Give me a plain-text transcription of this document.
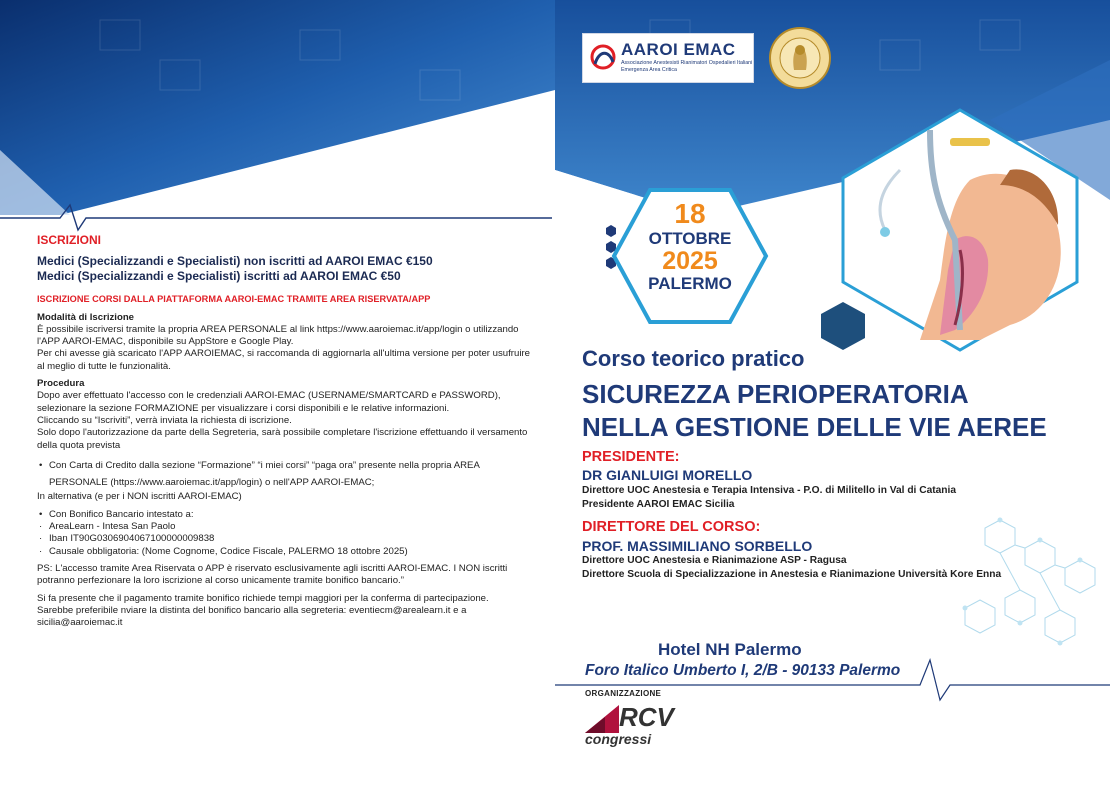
ISCRIZIONI

Medici (Specializzandi e Specialisti) non iscritti ad AAROI EMAC €150

Medici (Specializzandi e Specialisti) iscritti ad AAROI EMAC €50

ISCRIZIONE CORSI DALLA PIATTAFORMA AAROI-EMAC TRAMITE AREA RISERVATA/APP

Modalità di Iscrizione

È possibile iscriversi tramite la propria AREA PERSONALE al link https://www.aaroiemac.it/app/login o utilizzando l'APP AAROI-EMAC, disponibile su AppStore e Google Play.

Per chi avesse già scaricato l'APP AAROIEMAC, si raccomanda di aggiornarla all'ultima versione per poter usufruire al meglio di tutte le funzionalità.

Procedura

Dopo aver effettuato l'accesso con le credenziali AAROI-EMAC (USERNAME/SMARTCARD e PASSWORD), selezionare la sezione FORMAZIONE per visualizzare i corsi disponibili e le relative informazioni.

Cliccando su “Iscriviti”, verrà inviata la richiesta di iscrizione.

Solo dopo l'autorizzazione da parte della Segreteria, sarà possibile completare l'iscrizione effettuando il versamento della quota prevista

• Con Carta di Credito dalla sezione “Formazione” “i miei corsi” “paga ora” presente nella propria AREA PERSONALE (https://www.aaroiemac.it/app/login) o nell'APP AAROI-EMAC;

In alternativa (e per i NON iscritti AAROI-EMAC)

• Con Bonifico Bancario intestato a:

· AreaLearn - Intesa San Paolo

· Iban IT90G0306904067100000009838

· Causale obbligatoria: (Nome Cognome, Codice Fiscale, PALERMO 18 ottobre 2025)

PS: L'accesso tramite Area Riservata o APP è riservato esclusivamente agli iscritti AAROI-EMAC. I NON iscritti potranno perfezionare la loro iscrizione al corso unicamente tramite bonifico bancario.”

Si fa presente che il pagamento tramite bonifico richiede tempi maggiori per la conferma di partecipazione.

Sarebbe preferibile nviare la distinta del bonifico bancario alla segreteria: eventiecm@arealearn.it e a sicilia@aaroiemac.it

AAROI EMAC
Associazione Anestesisti Rianimatori Ospedalieri Italiani
Emergenza Area Critica
18
OTTOBRE
2025
PALERMO
Corso teorico pratico
SICUREZZA PERIOPERATORIA
NELLA GESTIONE DELLE VIE AEREE
PRESIDENTE:
DR GIANLUIGI MORELLO
Direttore UOC Anestesia e Terapia Intensiva - P.O. di Militello in Val di Catania
Presidente AAROI EMAC Sicilia
DIRETTORE DEL CORSO:
PROF. MASSIMILIANO SORBELLO
Direttore UOC Anestesia e Rianimazione ASP - Ragusa
Direttore Scuola di Specializzazione in Anestesia e Rianimazione Università Kore Enna
Hotel NH Palermo
Foro Italico Umberto I, 2/B - 90133 Palermo
ORGANIZZAZIONE
RCV
congressi
